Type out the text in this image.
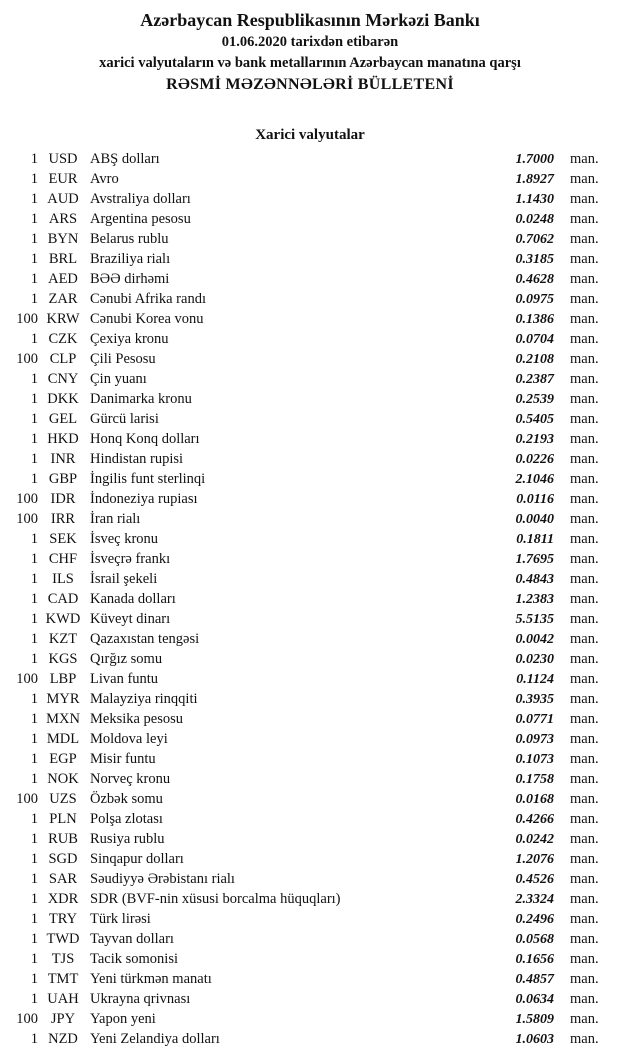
Azərbaycan Respublikasının Mərkəzi Bankı
01.06.2020 tarixdən etibarən
xarici valyutaların və bank metallarının Azərbaycan manatına qarşı
RƏSMİ MƏZƏNNƏLƏRİ BÜLLETENİ
Xarici valyutalar
1 USD ABŞ dolları	1.7000 man.
1 EUR Avro	1.8927 man.
1 AUD Avstraliya dolları	1.1430 man.
1 ARS Argentina pesosu	0.0248 man.
1 BYN Belarus rublu	0.7062 man.
1 BRL Braziliya rialı	0.3185 man.
1 AED BƏƏ dirhəmi	0.4628 man.
1 ZAR Cənubi Afrika randı	0.0975 man.
100 KRW Cənubi Korea vonu	0.1386 man.
1 CZK Çexiya kronu	0.0704 man.
100 CLP Çili Pesosu	0.2108 man.
1 CNY Çin yuanı	0.2387 man.
1 DKK Danimarka kronu	0.2539 man.
1 GEL Gürcü larisi	0.5405 man.
1 HKD Honq Konq dolları	0.2193 man.
1 INR	Hindistan rupisi	0.0226 man.
1 GBP İngilis funt sterlinqi	2.1046 man.
100 IDR	İndoneziya rupiası	0.0116 man.
100 IRR	İran rialı	0.0040 man.
1 SEK İsveç kronu	0.1811 man.
1 CHF İsveçrə frankı	1.7695 man.
1 ILS	İsrail şekeli	0.4843 man.
1 CAD Kanada dolları	1.2383 man.
1 KWD Küveyt dinarı	5.5135 man.
1 KZT Qazaxıstan tengəsi	0.0042 man.
1 KGS Qırğız somu	0.0230 man.
100 LBP Livan funtu	0.1124 man.
1 MYR Malayziya rinqqiti	0.3935 man.
1 MXN Meksika pesosu	0.0771 man.
1 MDL Moldova leyi	0.0973 man.
1 EGP Misir funtu	0.1073 man.
1 NOK Norveç kronu	0.1758 man.
100 UZS Özbək somu	0.0168 man.
1 PLN Polşa zlotası	0.4266 man.
1 RUB Rusiya rublu	0.0242 man.
1 SGD Sinqapur dolları	1.2076 man.
1 SAR Səudiyyə Ərəbistanı rialı	0.4526 man.
1 XDR SDR (BVF-nin xüsusi borcalma hüquqları)	2.3324 man.
1 TRY Türk lirəsi	0.2496 man.
1 TWD Tayvan dolları	0.0568 man.
1 TJS	Tacik somonisi	0.1656 man.
1 TMT Yeni türkmən manatı	0.4857 man.
1 UAH Ukrayna qrivnası	0.0634 man.
100 JPY	Yapon yeni	1.5809 man.
1 NZD Yeni Zelandiya dolları	1.0603 man.
